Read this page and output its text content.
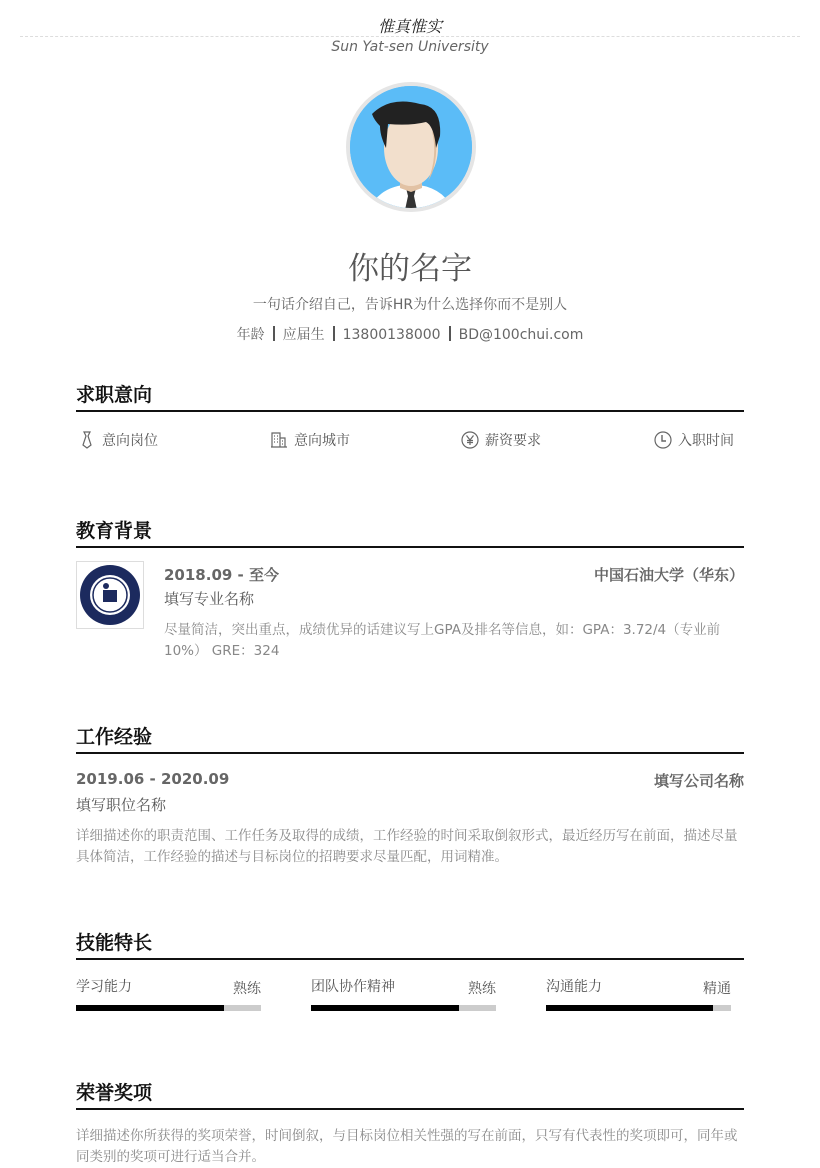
惟真惟实
Sun Yat-sen University
你的名字
一句话介绍自己，告诉HR为什么选择你而不是别人
年龄 应届生 13800138000 BD@100chui.com
求职意向
意向岗位	意向城市	薪资要求	入职时间
教育背景
2018.09 - 至今	中国石油大学（华东）
填写专业名称
尽量简洁，突出重点，成绩优异的话建议写上GPA及排名等信息，如：GPA：3.72/4（专业前10%） GRE：324
工作经验
2019.06 - 2020.09	填写公司名称
填写职位名称
详细描述你的职责范围、工作任务及取得的成绩，工作经验的时间采取倒叙形式，最近经历写在前面，描述尽量具体简洁，工作经验的描述与目标岗位的招聘要求尽量匹配，用词精准。
技能特长
学习能力	熟练	团队协作精神	熟练	沟通能力	精通
荣誉奖项
详细描述你所获得的奖项荣誉，时间倒叙，与目标岗位相关性强的写在前面，只写有代表性的奖项即可，同年或同类别的奖项可进行适当合并。
